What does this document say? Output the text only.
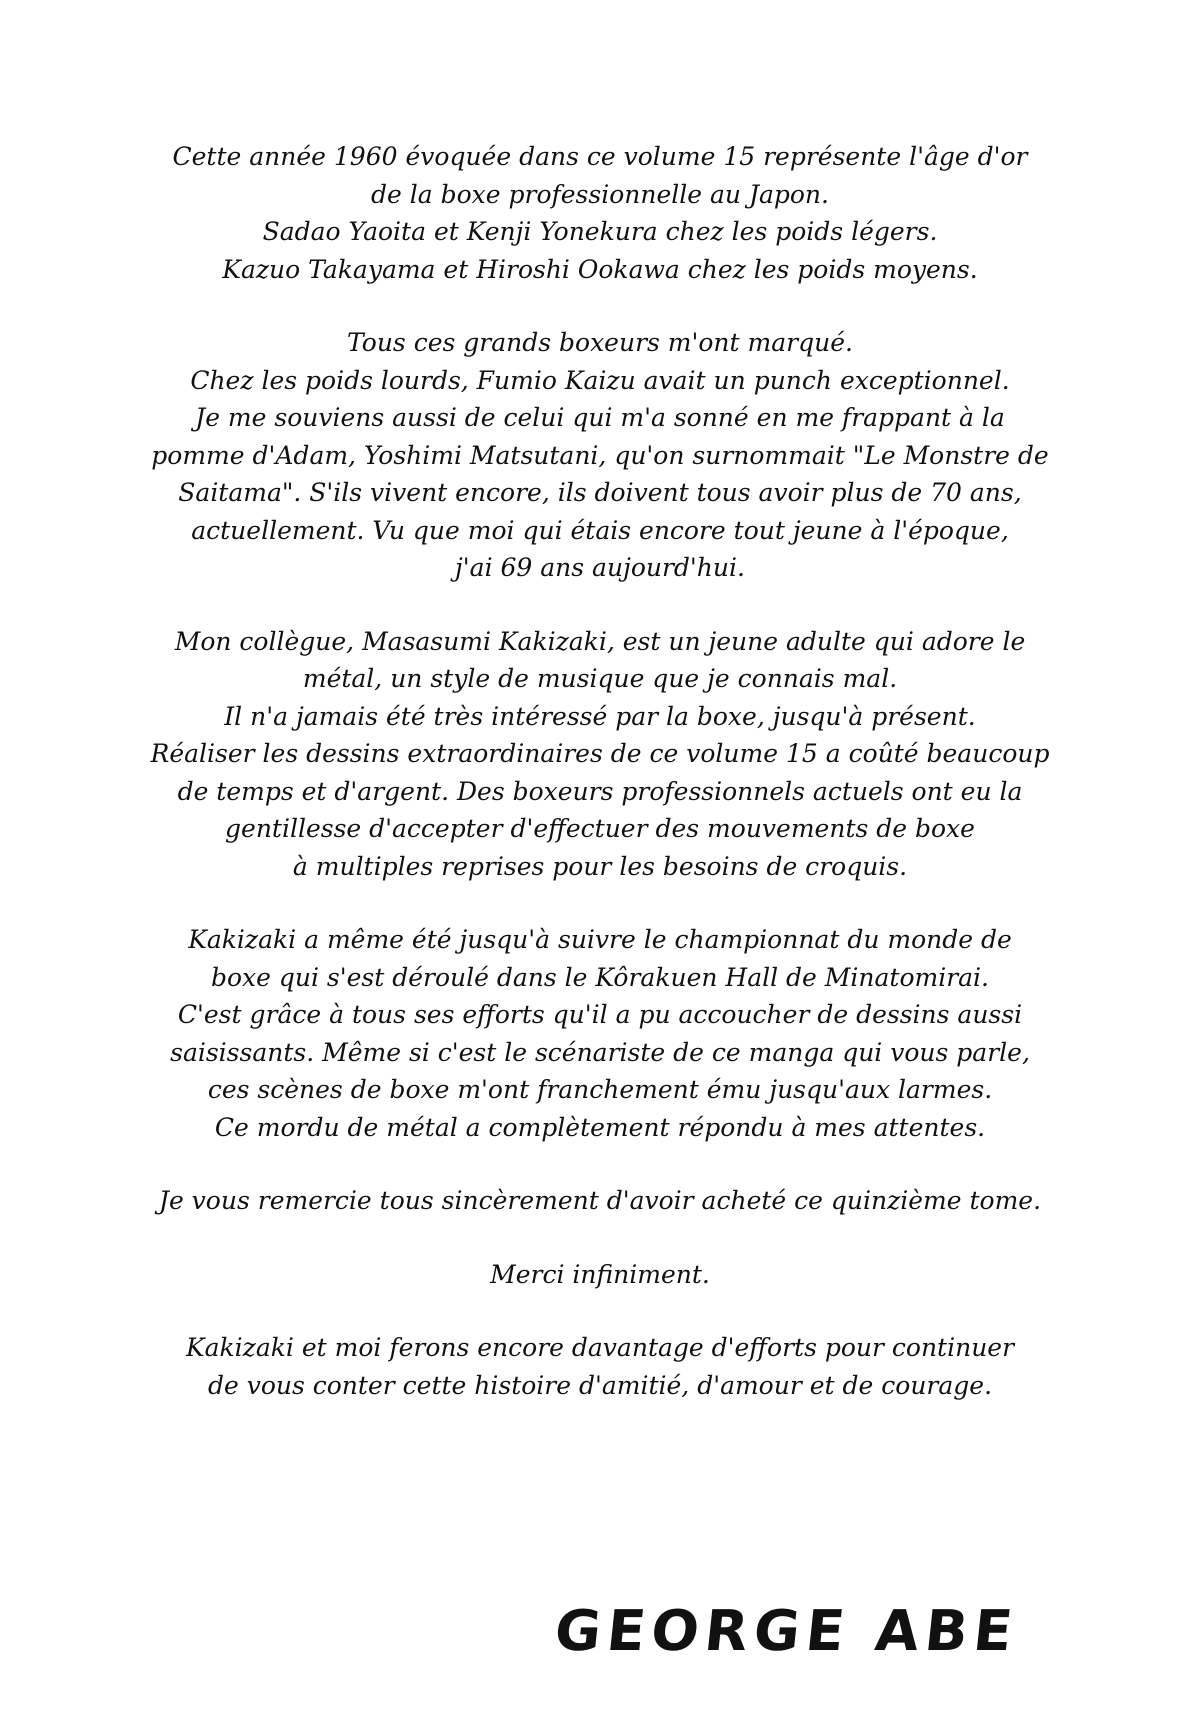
Cette année 1960 évoquée dans ce volume 15 représente l'âge d'or
de la boxe professionnelle au Japon.
Sadao Yaoita et Kenji Yonekura chez les poids légers.
Kazuo Takayama et Hiroshi Ookawa chez les poids moyens.

Tous ces grands boxeurs m'ont marqué.
Chez les poids lourds, Fumio Kaizu avait un punch exceptionnel.
Je me souviens aussi de celui qui m'a sonné en me frappant à la
pomme d'Adam, Yoshimi Matsutani, qu'on surnommait "Le Monstre de
Saitama". S'ils vivent encore, ils doivent tous avoir plus de 70 ans,
actuellement. Vu que moi qui étais encore tout jeune à l'époque,
j'ai 69 ans aujourd'hui.

Mon collègue, Masasumi Kakizaki, est un jeune adulte qui adore le
métal, un style de musique que je connais mal.
Il n'a jamais été très intéressé par la boxe, jusqu'à présent.
Réaliser les dessins extraordinaires de ce volume 15 a coûté beaucoup
de temps et d'argent. Des boxeurs professionnels actuels ont eu la
gentillesse d'accepter d'effectuer des mouvements de boxe
à multiples reprises pour les besoins de croquis.

Kakizaki a même été jusqu'à suivre le championnat du monde de
boxe qui s'est déroulé dans le Kôrakuen Hall de Minatomirai.
C'est grâce à tous ses efforts qu'il a pu accoucher de dessins aussi
saisissants. Même si c'est le scénariste de ce manga qui vous parle,
ces scènes de boxe m'ont franchement ému jusqu'aux larmes.
Ce mordu de métal a complètement répondu à mes attentes.

Je vous remercie tous sincèrement d'avoir acheté ce quinzième tome.

Merci infiniment.

Kakizaki et moi ferons encore davantage d'efforts pour continuer
de vous conter cette histoire d'amitié, d'amour et de courage.

GEORGE ABE
